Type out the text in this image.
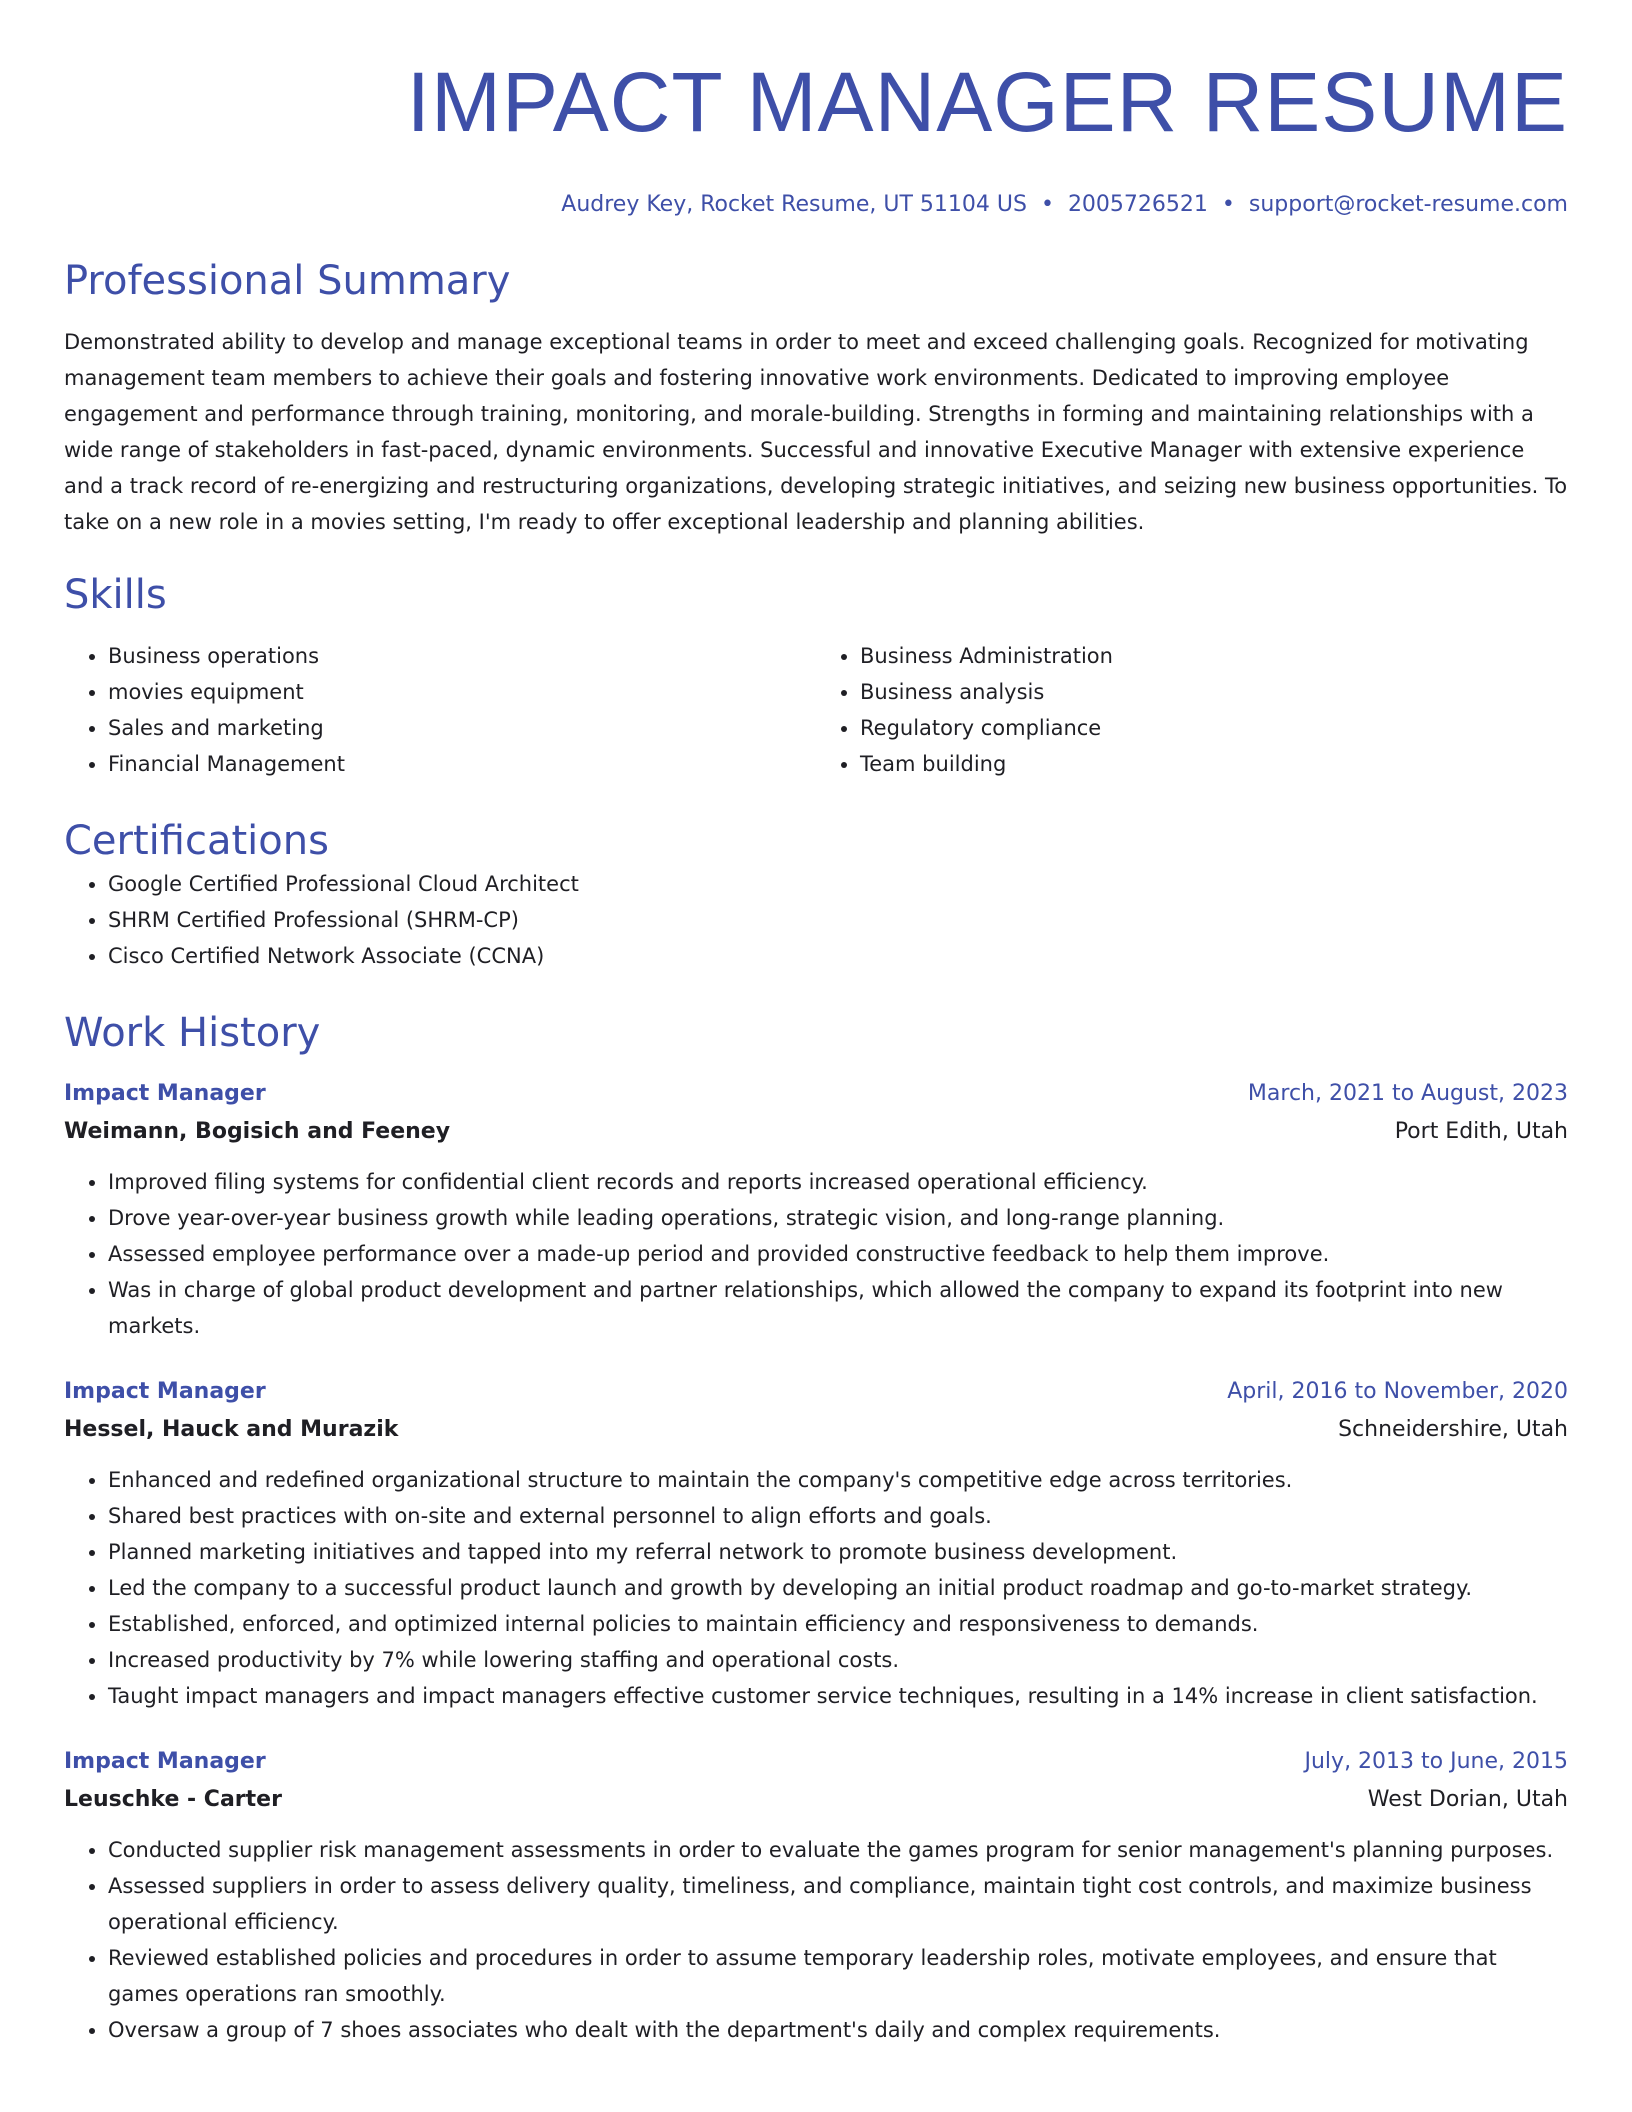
IMPACT MANAGER RESUME
Audrey Key, Rocket Resume, UT 51104 US • 2005726521 • support@rocket-resume.com
Professional Summary

Demonstrated ability to develop and manage exceptional teams in order to meet and exceed challenging goals. Recognized for motivating management team members to achieve their goals and fostering innovative work environments. Dedicated to improving employee engagement and performance through training, monitoring, and morale-building. Strengths in forming and maintaining relationships with a wide range of stakeholders in fast-paced, dynamic environments. Successful and innovative Executive Manager with extensive experience and a track record of re-energizing and restructuring organizations, developing strategic initiatives, and seizing new business opportunities. To take on a new role in a movies setting, I'm ready to offer exceptional leadership and planning abilities.

Skills
• Business operations
• movies equipment
• Sales and marketing
• Financial Management
• Business Administration
• Business analysis
• Regulatory compliance
• Team building
Certifications
• Google Certified Professional Cloud Architect
• SHRM Certified Professional (SHRM-CP)
• Cisco Certified Network Associate (CCNA)
Work History
Impact Manager	March, 2021 to August, 2023
Weimann, Bogisich and Feeney	Port Edith, Utah
• Improved filing systems for confidential client records and reports increased operational efficiency.
• Drove year-over-year business growth while leading operations, strategic vision, and long-range planning.
• Assessed employee performance over a made-up period and provided constructive feedback to help them improve.
• Was in charge of global product development and partner relationships, which allowed the company to expand its footprint into new markets.
Impact Manager	April, 2016 to November, 2020
Hessel, Hauck and Murazik	Schneidershire, Utah
• Enhanced and redefined organizational structure to maintain the company's competitive edge across territories.
• Shared best practices with on-site and external personnel to align efforts and goals.
• Planned marketing initiatives and tapped into my referral network to promote business development.
• Led the company to a successful product launch and growth by developing an initial product roadmap and go-to-market strategy.
• Established, enforced, and optimized internal policies to maintain efficiency and responsiveness to demands.
• Increased productivity by 7% while lowering staffing and operational costs.
• Taught impact managers and impact managers effective customer service techniques, resulting in a 14% increase in client satisfaction.
Impact Manager	July, 2013 to June, 2015
Leuschke - Carter	West Dorian, Utah
• Conducted supplier risk management assessments in order to evaluate the games program for senior management's planning purposes.
• Assessed suppliers in order to assess delivery quality, timeliness, and compliance, maintain tight cost controls, and maximize business operational efficiency.
• Reviewed established policies and procedures in order to assume temporary leadership roles, motivate employees, and ensure that games operations ran smoothly.
• Oversaw a group of 7 shoes associates who dealt with the department's daily and complex requirements.
